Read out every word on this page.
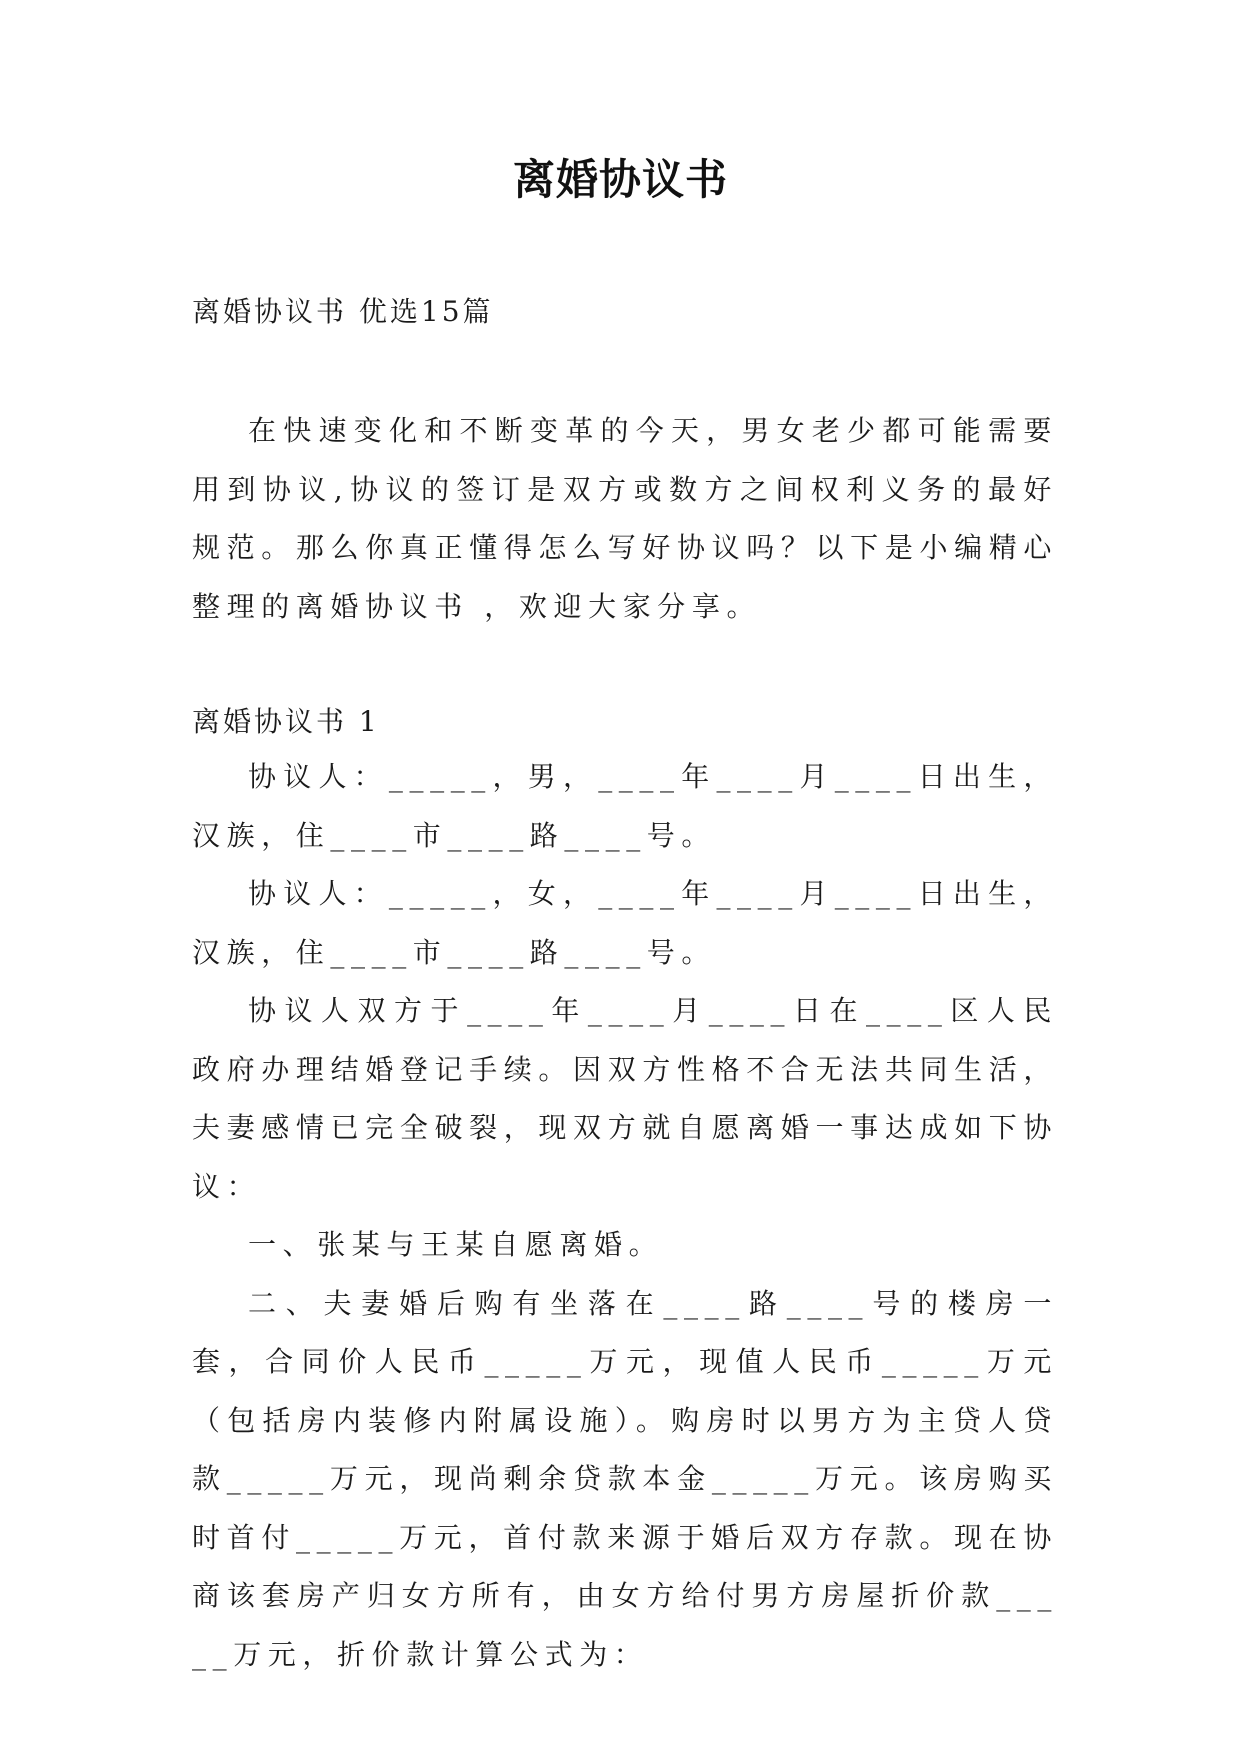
离婚协议书
离婚协议书 优选15篇

在快速变化和不断变革的今天，男女老少都可能需要用到协议,协议的签订是双方或数方之间权利义务的最好规范。那么你真正懂得怎么写好协议吗？以下是小编精心整理的离婚协议书 ，欢迎大家分享。

离婚协议书 1

协议人：_____，男，____年____月____日出生，汉族，住____市____路____号。

协议人：_____，女，____年____月____日出生，汉族，住____市____路____号。

协议人双方于____年____月____日在____区人民政府办理结婚登记手续。因双方性格不合无法共同生活，夫妻感情已完全破裂，现双方就自愿离婚一事达成如下协议：

一、张某与王某自愿离婚。

二、夫妻婚后购有坐落在____路____号的楼房一套，合同价人民币_____万元，现值人民币_____万元（包括房内装修内附属设施）。购房时以男方为主贷人贷款_____万元，现尚剩余贷款本金_____万元。该房购买时首付_____万元，首付款来源于婚后双方存款。现在协商该套房产归女方所有，由女方给付男方房屋折价款_____万元，折价款计算公式为：
